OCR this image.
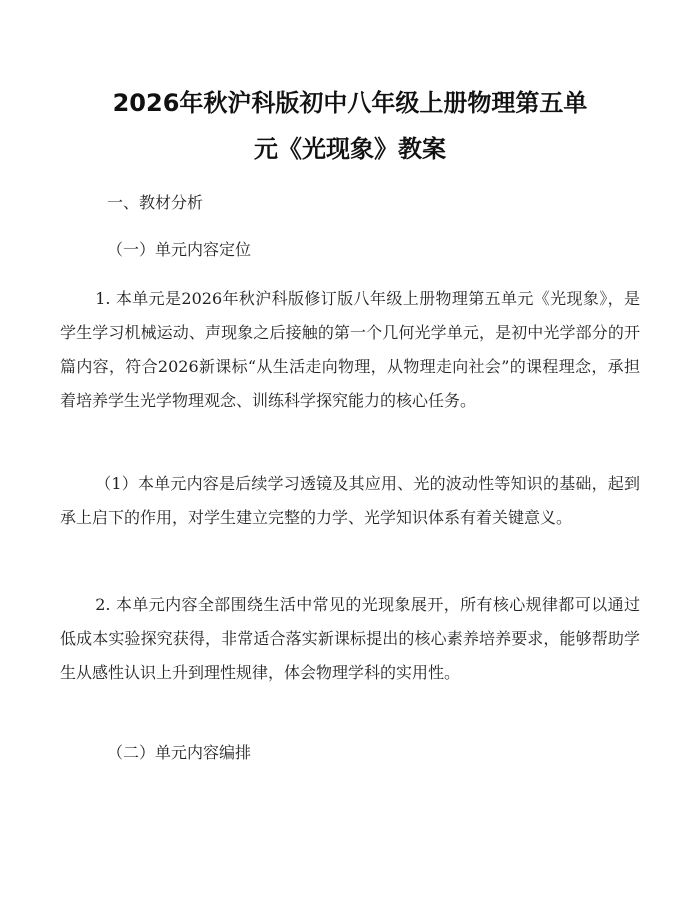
2026年秋沪科版初中八年级上册物理第五单
元《光现象》教案

一、教材分析

（一）单元内容定位

1. 本单元是2026年秋沪科版修订版八年级上册物理第五单元《光现象》，是学生学习机械运动、声现象之后接触的第一个几何光学单元，是初中光学部分的开篇内容，符合2026新课标“从生活走向物理，从物理走向社会”的课程理念，承担着培养学生光学物理观念、训练科学探究能力的核心任务。

（1）本单元内容是后续学习透镜及其应用、光的波动性等知识的基础，起到承上启下的作用，对学生建立完整的力学、光学知识体系有着关键意义。

2. 本单元内容全部围绕生活中常见的光现象展开，所有核心规律都可以通过低成本实验探究获得，非常适合落实新课标提出的核心素养培养要求，能够帮助学生从感性认识上升到理性规律，体会物理学科的实用性。

（二）单元内容编排
